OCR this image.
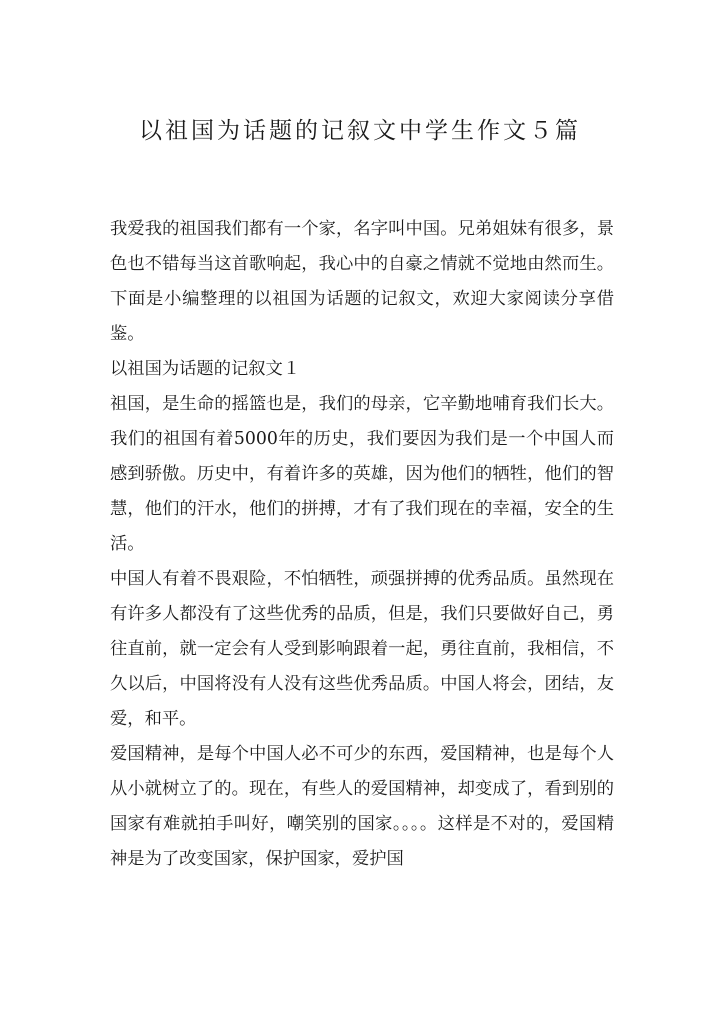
以祖国为话题的记叙文中学生作文５篇

我爱我的祖国我们都有一个家，名字叫中国。兄弟姐妹有很多，景色也不错每当这首歌响起，我心中的自豪之情就不觉地由然而生。下面是小编整理的以祖国为话题的记叙文，欢迎大家阅读分享借鉴。

以祖国为话题的记叙文１

祖国，是生命的摇篮也是，我们的母亲，它辛勤地哺育我们长大。我们的祖国有着5000年的历史，我们要因为我们是一个中国人而感到骄傲。历史中，有着许多的英雄，因为他们的牺牲，他们的智慧，他们的汗水，他们的拼搏，才有了我们现在的幸福，安全的生活。

中国人有着不畏艰险，不怕牺牲，顽强拼搏的优秀品质。虽然现在有许多人都没有了这些优秀的品质，但是，我们只要做好自己，勇往直前，就一定会有人受到影响跟着一起，勇往直前，我相信，不久以后，中国将没有人没有这些优秀品质。中国人将会，团结，友爱，和平。

爱国精神，是每个中国人必不可少的东西，爱国精神，也是每个人从小就树立了的。现在，有些人的爱国精神，却变成了，看到别的国家有难就拍手叫好，嘲笑别的国家。。。。这样是不对的，爱国精神是为了改变国家，保护国家，爱护国
